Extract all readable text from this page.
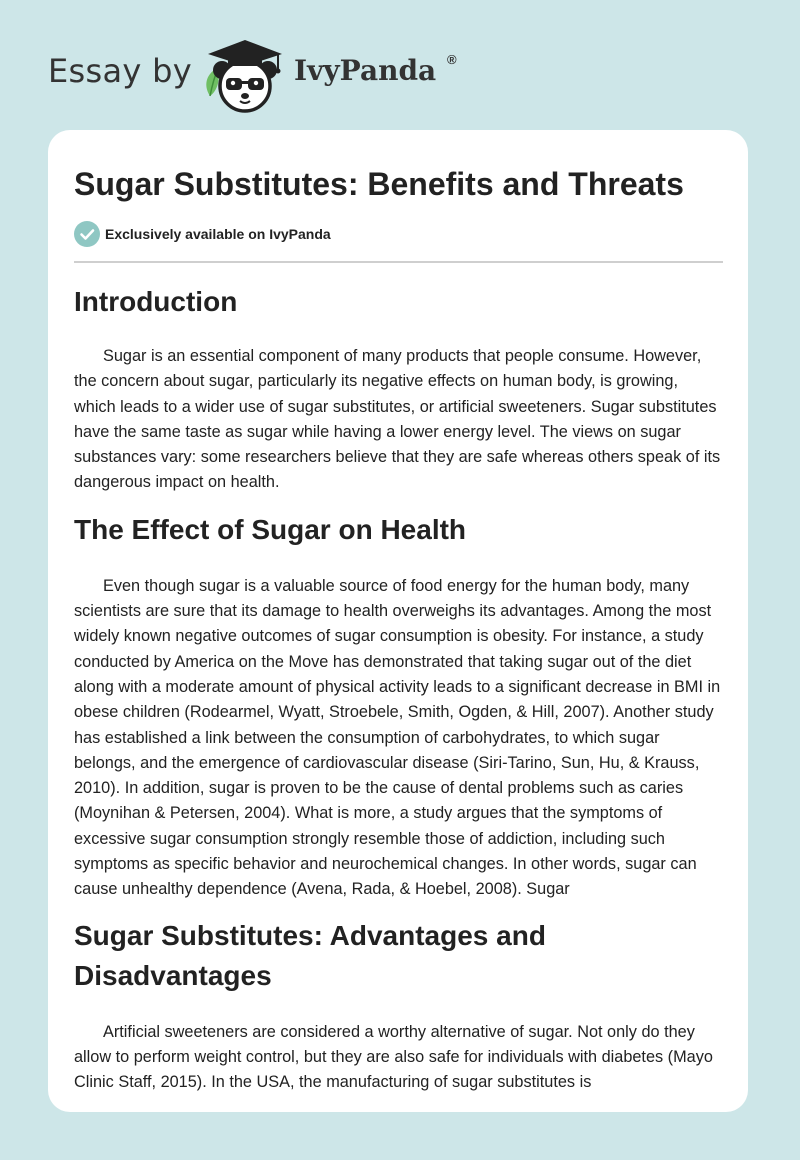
Essay by	IvyPanda ®
Sugar Substitutes: Benefits and Threats
Exclusively available on IvyPanda
Introduction

Sugar is an essential component of many products that people consume. However, the concern about sugar, particularly its negative effects on human body, is growing, which leads to a wider use of sugar substitutes, or artificial sweeteners. Sugar substitutes have the same taste as sugar while having a lower energy level. The views on sugar substances vary: some researchers believe that they are safe whereas others speak of its dangerous impact on health.

The Effect of Sugar on Health

Even though sugar is a valuable source of food energy for the human body, many scientists are sure that its damage to health overweighs its advantages. Among the most widely known negative outcomes of sugar consumption is obesity. For instance, a study conducted by America on the Move has demonstrated that taking sugar out of the diet along with a moderate amount of physical activity leads to a significant decrease in BMI in obese children (Rodearmel, Wyatt, Stroebele, Smith, Ogden, & Hill, 2007). Another study has established a link between the consumption of carbohydrates, to which sugar belongs, and the emergence of cardiovascular disease (Siri-Tarino, Sun, Hu, & Krauss, 2010). In addition, sugar is proven to be the cause of dental problems such as caries (Moynihan & Petersen, 2004). What is more, a study argues that the symptoms of excessive sugar consumption strongly resemble those of addiction, including such symptoms as specific behavior and neurochemical changes. In other words, sugar can cause unhealthy dependence (Avena, Rada, & Hoebel, 2008). Sugar

Sugar Substitutes: Advantages and Disadvantages

Artificial sweeteners are considered a worthy alternative of sugar. Not only do they allow to perform weight control, but they are also safe for individuals with diabetes (Mayo Clinic Staff, 2015). In the USA, the manufacturing of sugar substitutes is
